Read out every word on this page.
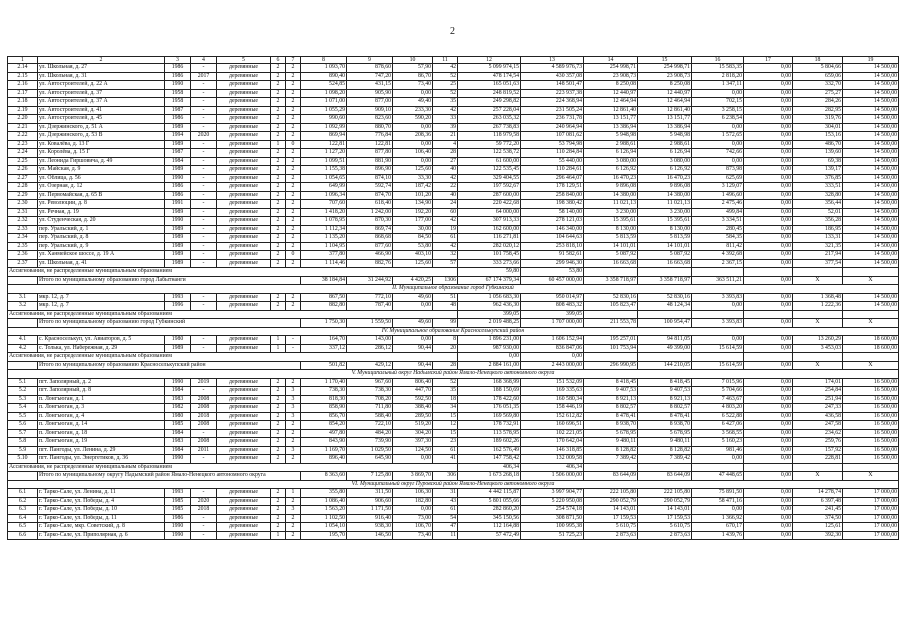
2
1	2	3	4	5	6	7	8	9	10	11	12	13	14	15	16	17	18	19
2.14	ул. Школьная, д. 27	1986	-	деревянные	2	2	1 093,70	878,60	57,90	42	5 099 974,15	4 589 976,73	254 998,71	254 998,71	15 583,35	0,00	5 804,66	14 500,00
2.15	ул. Школьная, д. 31	1986	2017	деревянные	2	2	890,40	747,20	86,70	52	478 174,54	430 357,08	23 908,73	23 908,73	2 818,20	0,00	659,06	14 500,00
2.16	ул. Автостроителей, д. 22 А	1990	-	деревянные	2	2	524,85	431,15	73,40	25	165 051,63	148 501,47	8 250,08	8 250,08	1 347,11	0,00	332,70	14 500,00
2.17	ул. Автостроителей, д. 37	1958	-	деревянные	2	2	1 098,20	905,90	0,00	52	248 819,52	223 937,38	12 440,97	12 440,97	0,00	0,00	275,27	14 500,00
2.18	ул. Автостроителей, д. 37 А	1958	-	деревянные	2	2	1 071,00	877,00	49,40	35	249 298,82	224 368,94	12 464,94	12 464,94	702,15	0,00	284,26	14 500,00
2.19	ул. Автостроителей, д. 41	1987	-	деревянные	2	2	1 055,29	909,10	233,30	42	257 228,04	231 505,24	12 861,40	12 861,40	3 258,15	0,00	282,95	14 500,00
2.20	ул. Автостроителей, д. 45	1986	-	деревянные	2	2	990,60	823,60	590,20	33	263 035,32	236 731,78	13 151,77	13 151,77	6 238,54	0,00	319,76	14 500,00
2.21	ул. Дзержинского, д. 51 А	1989	-	деревянные	2	2	1 092,99	880,70	0,00	39	267 738,83	240 964,94	13 386,94	13 386,94	0,00	0,00	304,01	14 500,00
2.22	ул. Дзержинского, д. 53 В	1994	2020	деревянные	2	2	869,94	776,84	208,36	21	118 979,58	107 081,62	5 948,98	5 948,98	1 572,65	0,00	153,16	14 500,00
2.23	ул. Ковалёва, д. 13 Г	1989	-	деревянные	1	0	122,81	122,81	0,00	4	59 772,20	53 794,98	2 988,61	2 988,61	0,00	0,00	486,70	14 500,00
2.24	ул. Королёва, д. 15 Г	1987	-	деревянные	2	2	1 127,20	877,80	106,40	28	122 538,72	110 284,84	6 126,94	6 126,94	742,66	0,00	139,60	14 500,00
2.25	ул. Леонида Гиршовича, д. 49	1984	-	деревянные	2	2	1 099,51	881,90	0,00	27	61 600,00	55 440,00	3 080,00	3 080,00	0,00	0,00	69,38	14 500,00
2.26	ул. Майская, д. 9	1989	-	деревянные	2	2	1 155,38	896,90	125,60	40	122 535,45	110 284,61	6 126,92	6 126,92	873,98	0,00	139,17	14 500,00
2.27	ул. Облица, д. 56	1990	-	деревянные	2	2	1 054,65	874,10	33,30	42	329 404,55	296 464,07	16 470,23	16 470,23	625,69	0,00	376,85	14 500,00
2.28	ул. Озерная, д. 12	1986	-	деревянные	2	2	649,99	592,74	187,42	22	197 592,67	178 129,51	9 896,08	9 896,08	3 129,07	0,00	333,51	14 500,00
2.29	ул. Первомайская, д. 65 В	1986	-	деревянные	2	2	1 096,34	874,70	101,20	40	287 600,00	258 840,00	14 380,00	14 380,00	1 496,60	0,00	328,80	14 500,00
2.30	ул. Революции, д. 8	1991	-	деревянные	2	2	707,60	618,40	134,90	24	220 422,68	198 380,42	11 021,13	11 021,13	2 475,46	0,00	356,44	14 500,00
2.31	ул. Речная, д. 19	1989	-	деревянные	2	2	1 418,20	1 242,00	192,20	60	64 000,00	58 140,00	3 230,00	3 230,00	499,84	0,00	52,01	14 500,00
2.32	ул. Студенческая, д. 20	1990	-	деревянные	2	2	1 078,95	870,30	177,00	42	307 913,33	278 121,03	15 395,61	15 395,61	3 334,51	0,00	356,28	14 500,00
2.33	пер. Уральский, д. 1	1989	-	деревянные	2	2	1 112,34	869,74	30,00	19	162 600,00	146 340,00	8 130,00	8 130,00	280,45	0,00	186,95	14 500,00
2.34	пер. Уральский, д. 8	1989	-	деревянные	2	2	1 135,20	868,68	84,50	61	116 271,81	104 644,63	5 813,59	5 813,59	584,35	0,00	133,31	14 500,00
2.35	пер. Уральский, д. 9	1989	-	деревянные	2	2	1 104,95	877,60	53,80	42	282 020,12	253 818,10	14 101,01	14 101,01	811,42	0,00	321,35	14 500,00
2.36	ул. Ханмейское шоссе, д. 19 А	1989	-	деревянные	2	0	377,80	466,90	403,10	32	101 758,45	91 582,61	5 087,92	5 087,92	4 392,68	0,00	217,94	14 500,00
2.37	ул. Школьная, д. 41	1989	-	деревянные	2	2	1 114,46	882,76	125,60	57	333 273,66	299 946,30	16 663,68	16 663,68	2 367,15	0,00	377,54	14 500,00
Ассигнования, не распределенные муниципальным образованием											59,80	53,80						
	Итого по муниципальному образованию город Лабытнанги						38 184,84	31 244,92	4 420,25	1306	67 174 379,34	60 457 000,00	3 358 718,97	3 358 718,97	363 511,21	0,00	X	X
II. Муниципальное образование город Губкинский																		
3.1	мкр. 12, д. 7	1993	-	деревянные	2	2	867,50	772,10	49,60	51	1 056 683,30	950 014,97	52 830,16	52 830,16	3 393,83	0,00	1 368,48	14 500,00
3.2	мкр. 12, д. 7	1996	-	деревянные	2	2	882,80	787,40	0,00	48	962 436,30	808 483,32	105 823,47	48 124,34	0,00	0,00	1 222,36	14 500,00
Ассигнования, не распределенные муниципальным образованием											399,05	399,05						
	Итого по муниципальному образованию город Губкинский						1 750,30	1 559,50	49,60	99	2 019 488,25	1 707 000,00	211 553,78	100 954,47	3 393,83	0,00	X	X
IV. Муниципальное образование Красноселькупский район																		
4.1	с. Красноселькуп, ул. Авиаторов, д. 5	1980	-	деревянные	1	-	164,70	143,00	0,00	8	1 896 231,00	1 606 152,94	195 257,01	94 811,05	0,00	0,00	13 260,29	18 600,00
4.2	с. Толька, ул. Набережная, д. 29	1989	-	деревянные	1	-	337,12	286,12	90,44	20	987 930,00	836 847,06	101 753,94	49 399,00	15 614,59	0,00	3 453,03	18 600,00
Ассигнования, не распределенные муниципальным образованием											0,00	0,00						
	Итого по муниципальному образованию Красноселькупский район						501,82	429,12	90,44	28	2 884 161,00	2 443 000,00	296 990,95	144 210,05	15 614,59	0,00	X	X
V. Муниципальный округ Надымский район Ямало-Ненецкого автономного округа																		
5.1	пгт. Заполярный, д. 2	1990	2019	деревянные	2	2	1 170,40	967,60	806,40	52	168 368,99	151 532,09	8 418,45	8 418,45	7 015,96	0,00	174,01	16 500,00
5.2	пгт. Заполярный, д. 8	1984	-	деревянные	2	3	738,30	738,30	447,70	35	188 150,69	169 335,63	9 407,53	9 407,53	5 704,66	0,00	254,84	16 500,00
5.3	п. Лонгъюган, д. 1	1983	2008	деревянные	2	3	818,30	708,20	592,50	18	178 422,60	160 580,34	8 921,13	8 921,13	7 463,67	0,00	251,94	16 500,00
5.4	п. Лонгъюган, д. 3	1982	2008	деревянные	2	3	858,90	711,80	388,40	34	176 051,35	158 446,19	8 802,57	8 802,57	4 803,20	0,00	247,33	16 500,00
5.5	п. Лонгъюган, д. 4	1980	2018	деревянные	2	3	856,70	588,40	289,50	15	169 569,80	152 612,82	8 478,41	8 478,41	6 522,88	0,00	436,58	16 500,00
5.6	п. Лонгъюган, д. 14	1985	2008	деревянные	2	2	854,20	722,10	519,20	12	178 732,91	160 696,51	8 938,70	8 938,70	6 427,06	0,00	247,58	16 500,00
5.7	п. Лонгъюган, д. 18	1984	-	деревянные	2	2	497,80	484,20	304,20	15	113 578,95	102 221,05	5 678,95	5 678,95	3 568,55	0,00	234,62	16 500,00
5.8	п. Лонгъюган, д. 19	1983	2008	деревянные	2	2	843,90	739,90	397,30	23	189 602,26	170 642,04	9 480,11	9 480,11	5 160,23	0,00	259,76	16 500,00
5.9	пгт. Пангоды, ул. Ленина, д. 29	1984	2011	деревянные	2	3	1 169,70	1 029,50	124,50	61	162 576,49	146 318,85	8 128,82	8 128,82	981,46	0,00	157,92	16 500,00
5.10	пгт. Пангоды, ул. Энергетиков, д. 36	1990	-	деревянные	2	2	896,40	645,90	0,00	41	147 758,42	132 009,58	7 389,42	7 389,42	0,00	0,00	228,81	16 500,00
Ассигнования, не распределенные муниципальным образованием											406,34	406,34						
	Итого по муниципальному округу Надымский район Ямало-Ненецкого автономного округа						8 363,60	7 125,80	3 869,70	306	1 673 268,18	1 506 000,00	83 644,09	83 644,09	47 448,65	0,00	X	X
VI. Муниципальный округ Пуровский район Ямало-Ненецкого автономного округа																		
6.1	г. Тарко-Сале, ул. Ленина, д. 11	1993	-	деревянные	2	1	355,80	311,50	106,30	31	4 442 115,87	3 997 904,77	222 105,80	222 105,80	75 891,50	0,00	14 278,74	17 000,00
6.2	г. Тарко-Сале, ул. Победы, д. 4	1985	2020	деревянные	2	2	1 086,40	906,60	182,80	43	5 801 055,66	5 220 950,08	290 052,79	290 052,79	58 471,16	0,00	6 397,48	17 000,00
6.3	г. Тарко-Сале, ул. Победы, д. 10	1985	2018	деревянные	2	3	1 563,20	1 171,50	0,00	61	282 860,20	254 574,18	14 143,01	14 143,01	0,00	0,00	241,45	17 000,00
6.4	г. Тарко-Сале, ул. Победы, д. 11	1986	-	деревянные	2	2	1 102,50	916,40	73,00	54	345 150,56	308 871,50	17 159,53	17 159,53	1 366,92	0,00	374,50	17 000,00
6.5	г. Тарко-Сале, мкр. Советский, д. 8	1990	-	деревянные	2	2	1 054,10	938,30	106,70	47	112 164,88	100 995,38	5 610,75	5 610,75	670,17	0,00	125,61	17 000,00
6.6	г. Тарко-Сале, ул. Приполярная, д. 6	1990	-	деревянные	1	2	195,70	146,50	73,40	11	57 472,49	51 725,23	2 873,63	2 873,63	1 439,76	0,00	392,30	17 000,00
